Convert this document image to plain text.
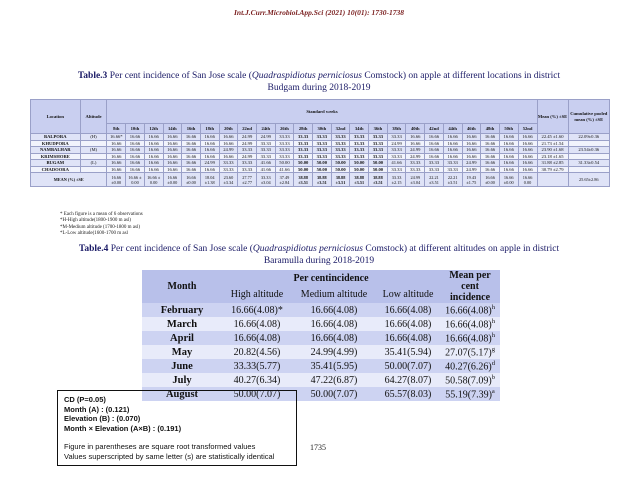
Int.J.Curr.Microbiol.App.Sci (2021) 10(01): 1730-1738
Table.3 Per cent incidence of San Jose scale (Quadraspidiotus perniciosus Comstock) on apple at different locations in district
Budgam during 2018-2019
Location	Altitude	Standard weeks																							Mean (%) ±SE	Cumulative pooled mean (%) ±SE
		8th	10th	12th	14th	16th	18th	20th	22nd	24th	26th	28th	30th	32nd	34th	36th	38th	40th	42nd	44th	46th	48th	50th	52nd		
BALPORA	(H)	16.66*	16.66	16.66	16.66	16.66	16.66	16.66	24.99	24.99	33.33	33.33	33.33	33.33	33.33	33.33	33.33	16.66	16.66	16.66	16.66	16.66	16.66	16.66	22.45 ±1.60	22.09±0.36
KHUDPORA		16.66	16.66	16.66	16.66	16.66	16.66	16.66	24.99	33.33	33.33	33.33	33.33	33.33	33.33	33.33	24.99	16.66	16.66	16.66	16.66	16.66	16.66	16.66	21.73 ±1.54	
NAMBALHAR	(M)	16.66	16.66	16.66	16.66	16.66	16.66	24.99	33.33	33.33	33.33	33.33	33.33	33.33	33.33	33.33	33.33	24.99	16.66	16.66	16.66	16.66	16.66	16.66	23.90 ±1.68	23.54±0.36
KRIMSHORE		16.66	16.66	16.66	16.66	16.66	16.66	16.66	24.99	33.33	33.33	33.33	33.33	33.33	33.33	33.33	33.33	24.99	16.66	16.66	16.66	16.66	16.66	16.66	23.18 ±1.65	
BUGAM	(L)	16.66	16.66	16.66	16.66	16.66	24.99	33.33	33.33	41.66	50.00	50.00	50.00	50.00	50.00	50.00	41.66	33.33	33.33	33.33	24.99	16.66	16.66	16.66	31.88 ±2.85	31.33±0.54
CHADOORA		16.66	16.66	16.66	16.66	16.66	16.66	33.33	33.33	41.66	41.66	50.00	50.00	50.00	50.00	50.00	33.33	33.33	33.33	33.33	24.99	16.66	16.66	16.66	30.79 ±2.79	
MEAN (%) ±SE		16.66 ±0.00	16.66 ± 0.00	16.66 ± 0.00	16.66 ±0.00	16.66 ±0.00	18.04 ±1.38	23.60 ±3.34	27.77 ±2.77	33.33 ±3.04	37.49 ±2.84	38.88 ±3.51	38.88 ±3.51	38.88 ±3.51	38.88 ±3.51	38.88 ±3.51	33.33 ±2.15	24.99 ±3.04	22.21 ±3.51	22.21 ±3.51	19.43 ±1.75	16.66 ±0.00	16.66 ±0.00	16.66 0.00		25.65±2.86
* Each figure is a mean of 6 observations
*H-High altitude(1800-1900 m asl)
*M-Medium altitude (1700-1800 m asl)
*L-Low altitude(1600-1700 m asl
Table.4 Per cent incidence of San Jose scale (Quadraspidiotus perniciosus Comstock) at different altitudes on apple in district
Baramulla during 2018-2019
Month	Per centincidence			Mean per cent
incidence
	High altitude	Medium altitude	Low altitude	
February	16.66(4.08)*	16.66(4.08)	16.66(4.08)	$16.66(4.08)^h$
March	16.66(4.08)	16.66(4.08)	16.66(4.08)	$16.66(4.08)^h$
April	16.66(4.08)	16.66(4.08)	16.66(4.08)	$16.66(4.08)^h$
May	20.82(4.56)	24.99(4.99)	35.41(5.94)	$27.07(5.17)^g$
June	33.33(5.77)	35.41(5.95)	50.00(7.07)	$40.27(6.26)^d$
July	40.27(6.34)	47.22(6.87)	64.27(8.07)	$50.58(7.09)^b$
August	50.00(7.07)	50.00(7.07)	65.57(8.03)	$55.19(7.39)^a$
CD (P=0.05)
Month (A) : (0.121)
Elevation (B) : (0.070)
Month × Elevation (A×B) : (0.191)
Figure in parentheses are square root transformed values
Values superscripted by same letter (s) are statistically identical
1735
